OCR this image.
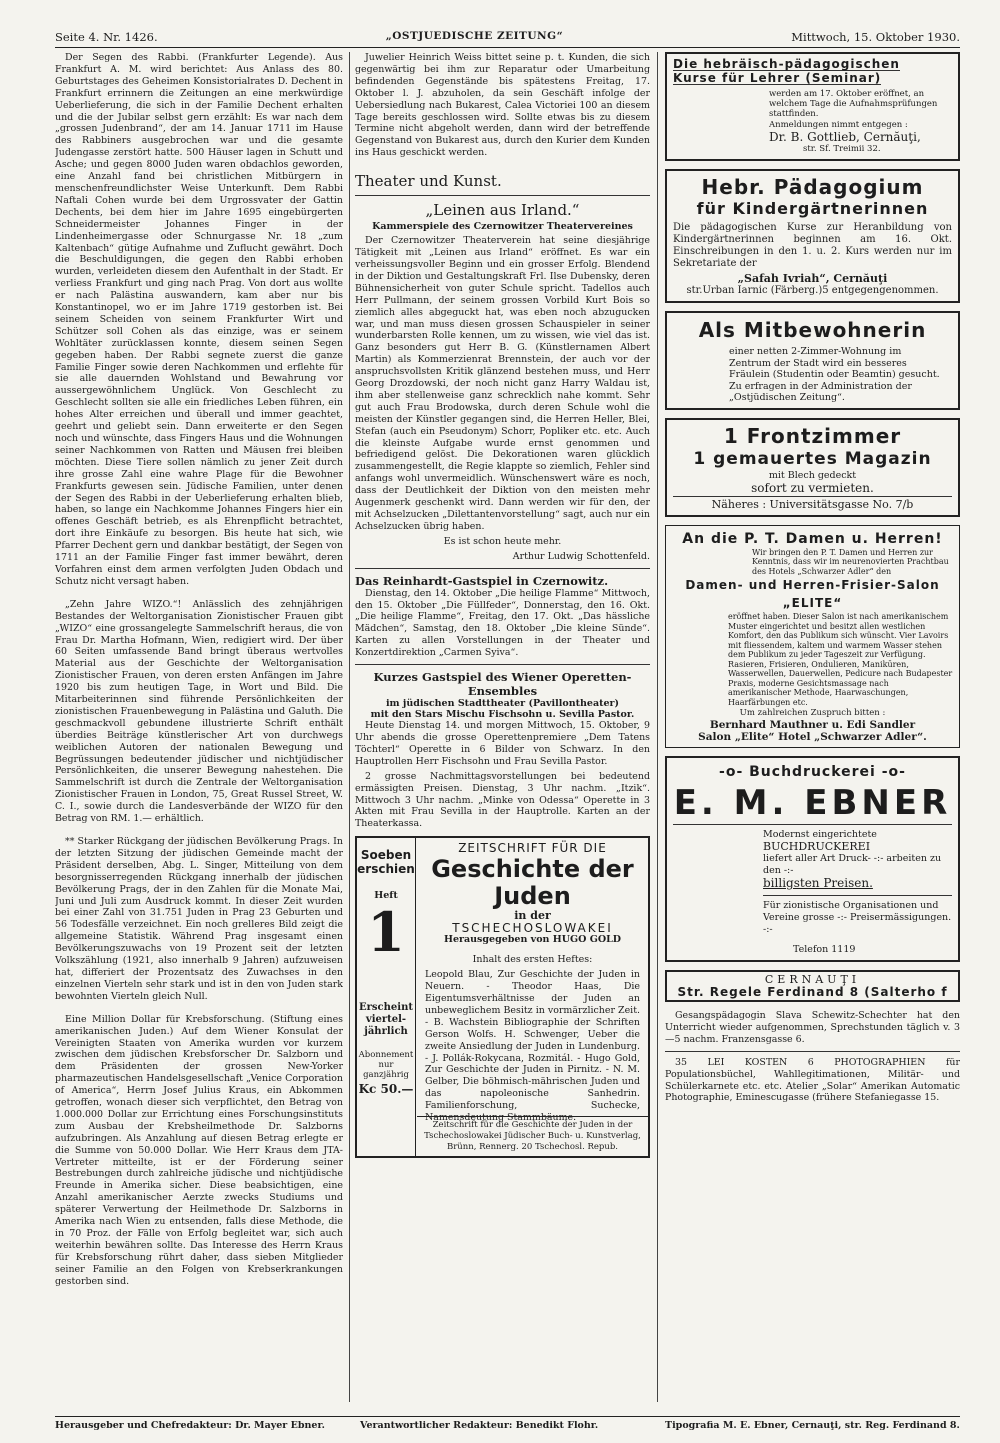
Seite 4. Nr. 1426.	„OSTJUEDISCHE ZEITUNG“	Mittwoch, 15. Oktober 1930.

Der Segen des Rabbi. (Frankfurter Legende). Aus Frankfurt A. M. wird berichtet: Aus Anlass des 80. Geburtstages des Geheimen Konsistorialrates D. Dechent in Frankfurt errinnern die Zeitungen an eine merkwürdige Ueberlieferung, die sich in der Familie Dechent erhalten und die der Jubilar selbst gern erzählt: Es war nach dem „grossen Judenbrand“, der am 14. Januar 1711 im Hause des Rabbiners ausgebrochen war und die gesamte Judengasse zerstört hatte. 500 Häuser lagen in Schutt und Asche; und gegen 8000 Juden waren obdachlos geworden, eine Anzahl fand bei christlichen Mitbürgern in menschenfreundlichster Weise Unterkunft. Dem Rabbi Naftali Cohen wurde bei dem Urgrossvater der Gattin Dechents, bei dem hier im Jahre 1695 eingebürgerten Schneidermeister Johannes Finger in der Lindenheimergasse oder Schnurgasse Nr. 18 „zum Kaltenbach“ gütige Aufnahme und Zuflucht gewährt. Doch die Beschuldigungen, die gegen den Rabbi erhoben wurden, verleideten diesem den Aufenthalt in der Stadt. Er verliess Frankfurt und ging nach Prag. Von dort aus wollte er nach Palästina auswandern, kam aber nur bis Konstantinopel, wo er im Jahre 1719 gestorben ist. Bei seinem Scheiden von seinem Frankfurter Wirt und Schützer soll Cohen als das einzige, was er seinem Wohltäter zurücklassen konnte, diesem seinen Segen gegeben haben. Der Rabbi segnete zuerst die ganze Familie Finger sowie deren Nachkommen und erflehte für sie alle dauernden Wohlstand und Bewahrung vor aussergewöhnlichem Unglück. Von Geschlecht zu Geschlecht sollten sie alle ein friedliches Leben führen, ein hohes Alter erreichen und überall und immer geachtet, geehrt und geliebt sein. Dann erweiterte er den Segen noch und wünschte, dass Fingers Haus und die Wohnungen seiner Nachkommen von Ratten und Mäusen frei bleiben möchten. Diese Tiere sollen nämlich zu jener Zeit durch ihre grosse Zahl eine wahre Plage für die Bewohner Frankfurts gewesen sein. Jüdische Familien, unter denen der Segen des Rabbi in der Ueberlieferung erhalten blieb, haben, so lange ein Nachkomme Johannes Fingers hier ein offenes Geschäft betrieb, es als Ehrenpflicht betrachtet, dort ihre Einkäufe zu besorgen. Bis heute hat sich, wie Pfarrer Dechent gern und dankbar bestätigt, der Segen von 1711 an der Familie Finger fast immer bewährt, deren Vorfahren einst dem armen verfolgten Juden Obdach und Schutz nicht versagt haben.

„Zehn Jahre WIZO.“! Anlässlich des zehnjährigen Bestandes der Weltorganisation Zionistischer Frauen gibt „WIZO“ eine grossangelegte Sammelschrift heraus, die von Frau Dr. Martha Hofmann, Wien, redigiert wird. Der über 60 Seiten umfassende Band bringt überaus wertvolles Material aus der Geschichte der Weltorganisation Zionistischer Frauen, von deren ersten Anfängen im Jahre 1920 bis zum heutigen Tage, in Wort und Bild. Die Mitarbeiterinnen sind führende Persönlichkeiten der zionistischen Frauenbewegung in Palästina und Galuth. Die geschmackvoll gebundene illustrierte Schrift enthält überdies Beiträge künstlerischer Art von durchwegs weiblichen Autoren der nationalen Bewegung und Begrüssungen bedeutender jüdischer und nichtjüdischer Persönlichkeiten, die unserer Bewegung nahestehen. Die Sammelschrift ist durch die Zentrale der Weltorganisation Zionistischer Frauen in London, 75, Great Russel Street, W. C. I., sowie durch die Landesverbände der WIZO für den Betrag von RM. 1.— erhältlich.

** Starker Rückgang der jüdischen Bevölkerung Prags. In der letzten Sitzung der jüdischen Gemeinde macht der Präsident derselben, Abg. L. Singer, Mitteilung von dem besorgnisserregenden Rückgang innerhalb der jüdischen Bevölkerung Prags, der in den Zahlen für die Monate Mai, Juni und Juli zum Ausdruck kommt. In dieser Zeit wurden bei einer Zahl von 31.751 Juden in Prag 23 Geburten und 56 Todesfälle verzeichnet. Ein noch grelleres Bild zeigt die allgemeine Statistik. Während Prag insgesamt einen Bevölkerungszuwachs von 19 Prozent seit der letzten Volkszählung (1921, also innerhalb 9 Jahren) aufzuweisen hat, differiert der Prozentsatz des Zuwachses in den einzelnen Vierteln sehr stark und ist in den von Juden stark bewohnten Vierteln gleich Null.

Eine Million Dollar für Krebsforschung. (Stiftung eines amerikanischen Juden.) Auf dem Wiener Konsulat der Vereinigten Staaten von Amerika wurden vor kurzem zwischen dem jüdischen Krebsforscher Dr. Salzborn und dem Präsidenten der grossen New-Yorker pharmazeutischen Handelsgesellschaft „Venice Corporation of America“, Herrn Josef Julius Kraus, ein Abkommen getroffen, wonach dieser sich verpflichtet, den Betrag von 1.000.000 Dollar zur Errichtung eines Forschungsinstituts zum Ausbau der Krebsheilmethode Dr. Salzborns aufzubringen. Als Anzahlung auf diesen Betrag erlegte er die Summe von 50.000 Dollar. Wie Herr Kraus dem JTA-Vertreter mitteilte, ist er der Förderung seiner Bestrebungen durch zahlreiche jüdische und nichtjüdische Freunde in Amerika sicher. Diese beabsichtigen, eine Anzahl amerikanischer Aerzte zwecks Studiums und späterer Verwertung der Heilmethode Dr. Salzborns in Amerika nach Wien zu entsenden, falls diese Methode, die in 70 Proz. der Fälle von Erfolg begleitet war, sich auch weiterhin bewähren sollte. Das Interesse des Herrn Kraus für Krebsforschung rührt daher, dass sieben Mitglieder seiner Familie an den Folgen von Krebserkrankungen gestorben sind.

Juwelier Heinrich Weiss bittet seine p. t. Kunden, die sich gegenwärtig bei ihm zur Reparatur oder Umarbeitung befindenden Gegenstände bis spätestens Freitag, 17. Oktober l. J. abzuholen, da sein Geschäft infolge der Uebersiedlung nach Bukarest, Calea Victoriei 100 an diesem Tage bereits geschlossen wird. Sollte etwas bis zu diesem Termine nicht abgeholt werden, dann wird der betreffende Gegenstand von Bukarest aus, durch den Kurier dem Kunden ins Haus geschickt werden.

Theater und Kunst.
„Leinen aus Irland.“
Kammerspiele des Czernowitzer Theatervereines

Der Czernowitzer Theaterverein hat seine diesjährige Tätigkeit mit „Leinen aus Irland“ eröffnet. Es war ein verheissungsvoller Beginn und ein grosser Erfolg. Blendend in der Diktion und Gestaltungskraft Frl. Ilse Dubensky, deren Bühnensicherheit von guter Schule spricht. Tadellos auch Herr Pullmann, der seinem grossen Vorbild Kurt Bois so ziemlich alles abgeguckt hat, was eben noch abzugucken war, und man muss diesen grossen Schauspieler in seiner wunderbarsten Rolle kennen, um zu wissen, wie viel das ist. Ganz besonders gut Herr B. G. (Künstlernamen Albert Martin) als Kommerzienrat Brennstein, der auch vor der anspruchsvollsten Kritik glänzend bestehen muss, und Herr Georg Drozdowski, der noch nicht ganz Harry Waldau ist, ihm aber stellenweise ganz schrecklich nahe kommt. Sehr gut auch Frau Brodowska, durch deren Schule wohl die meisten der Künstler gegangen sind, die Herren Heller, Blei, Stefan (auch ein Pseudonym) Schorr, Popliker etc. etc. Auch die kleinste Aufgabe wurde ernst genommen und befriedigend gelöst. Die Dekorationen waren glücklich zusammengestellt, die Regie klappte so ziemlich, Fehler sind anfangs wohl unvermeidlich. Wünschenswert wäre es noch, dass der Deutlichkeit der Diktion von den meisten mehr Augenmerk geschenkt wird. Dann werden wir für den, der mit Achselzucken „Dilettantenvorstellung“ sagt, auch nur ein Achselzucken übrig haben.

Es ist schon heute mehr.

Arthur Ludwig Schottenfeld.

Das Reinhardt-Gastspiel in Czernowitz.

Dienstag, den 14. Oktober „Die heilige Flamme“ Mittwoch, den 15. Oktober „Die Füllfeder“, Donnerstag, den 16. Okt. „Die heilige Flamme“, Freitag, den 17. Okt. „Das hässliche Mädchen“, Samstag, den 18. Oktober „Die kleine Sünde“. Karten zu allen Vorstellungen in der Theater und Konzertdirektion „Carmen Syiva“.

Kurzes Gastspiel des Wiener Operetten-Ensembles
im jüdischen Stadttheater (Pavillontheater)
mit den Stars Mischu Fischsohn u. Sevilla Pastor.

Heute Dienstag 14. und morgen Mittwoch, 15. Oktober, 9 Uhr abends die grosse Operettenpremiere „Dem Tatens Töchterl“ Operette in 6 Bilder von Schwarz. In den Hauptrollen Herr Fischsohn und Frau Sevilla Pastor.

2 grosse Nachmittagsvorstellungen bei bedeutend ermässigten Preisen. Dienstag, 3 Uhr nachm. „Itzik“. Mittwoch 3 Uhr nachm. „Minke von Odessa“ Operette in 3 Akten mit Frau Sevilla in der Hauptrolle. Karten an der Theaterkassa.

Soeben erschien
Heft
1
Erscheint viertel-jährlich
Abonnement nur ganzjährig
Kc 50.—
ZEITSCHRIFT FÜR DIE
Geschichte der Juden
in der
TSCHECHOSLOWAKEI
Herausgegeben von HUGO GOLD
Inhalt des ersten Heftes:

Leopold Blau, Zur Geschichte der Juden in Neuern. - Theodor Haas, Die Eigentumsverhältnisse der Juden an unbeweglichem Besitz in vormärzlicher Zeit. - B. Wachstein Bibliographie der Schriften Gerson Wolfs. H. Schwenger, Ueber die zweite Ansiedlung der Juden in Lundenburg. - J. Pollák-Rokycana, Rozmitál. - Hugo Gold, Zur Geschichte der Juden in Pirnitz. - N. M. Gelber, Die böhmisch-mährischen Juden und das napoleonische Sanhedrin. Familienforschung, Suchecke, Namensdeutung Stammbäume.

Zeitschrift für die Geschichte der Juden in der Tschechoslowakei Jüdischer Buch- u. Kunstverlag, Brünn, Rennerg. 20 Tschechosl. Repub.
Die hebräisch-pädagogischen Kurse für Lehrer (Seminar)
werden am 17. Oktober eröffnet, an welchem Tage die Aufnahmsprüfungen stattfinden.
Anmeldungen nimmt entgegen :
Dr. B. Gottlieb, Cernăuţi,
str. Sf. Treimii 32.
Hebr. Pädagogium
für Kindergärtnerinnen

Die pädagogischen Kurse zur Heranbildung von Kindergärtnerinnen beginnen am 16. Okt. Einschreibungen in den 1. u. 2. Kurs werden nur im Sekretariate der

„Safah Ivriah“, Cernăuţi
str.Urban Iarnic (Färberg.)5 entgegengenommen.
Als Mitbewohnerin
einer netten 2-Zimmer-Wohnung im Zentrum der Stadt wird ein besseres Fräulein (Studentin oder Beamtin) gesucht. Zu erfragen in der Administration der „Ostjüdischen Zeitung“.
1 Frontzimmer
1 gemauertes Magazin
mit Blech gedeckt
sofort zu vermieten.
Näheres : Universitätsgasse No. 7/b
An die P. T. Damen u. Herren!
Wir bringen den P. T. Damen und Herren zur Kenntnis, dass wir im neurenovierten Prachtbau des Hotels „Schwarzer Adler“ den
Damen- und Herren-Frisier-Salon „ELITE“
eröffnet haben. Dieser Salon ist nach amerikanischem Muster eingerichtet und besitzt allen westlichen Komfort, den das Publikum sich wünscht. Vier Lavoirs mit fliessendem, kaltem und warmem Wasser stehen dem Publikum zu jeder Tageszeit zur Verfügung. Rasieren, Frisieren, Ondulieren, Manikūren, Wasserwellen, Dauerwellen, Pedicure nach Budapester Praxis, moderne Gesichtsmassage nach amerikanischer Methode, Haarwaschungen, Haarfärbungen etc.
Um zahlreichen Zuspruch bitten :
Bernhard Mauthner u. Edi Sandler
Salon „Elite“ Hotel „Schwarzer Adler“.
-o- Buchdruckerei -o-
E. M. EBNER
Modernst eingerichtete
BUCHDRUCKEREI
liefert aller Art Druck- -:- arbeiten zu den -:-
billigsten Preisen.
Für zionistische Organisationen und Vereine grosse -:- Preisermässigungen. -:-
Telefon 1119
CERNAUŢI
Str. Regele Ferdinand 8 (Salterho f

Gesangspädagogin Slava Schewitz-Schechter hat den Unterricht wieder aufgenommen, Sprechstunden täglich v. 3—5 nachm. Franzensgasse 6.

35 LEI KOSTEN 6 PHOTOGRAPHIEN für Populationsbüchel, Wahllegitimationen, Militär- und Schülerkarnete etc. etc. Atelier „Solar“ Amerikan Automatic Photographie, Eminescugasse (frühere Stefaniegasse 15.

Herausgeber und Chefredakteur: Dr. Mayer Ebner.	Verantwortlicher Redakteur: Benedikt Flohr.	Tipografia M. E. Ebner, Cernauţi, str. Reg. Ferdinand 8.
